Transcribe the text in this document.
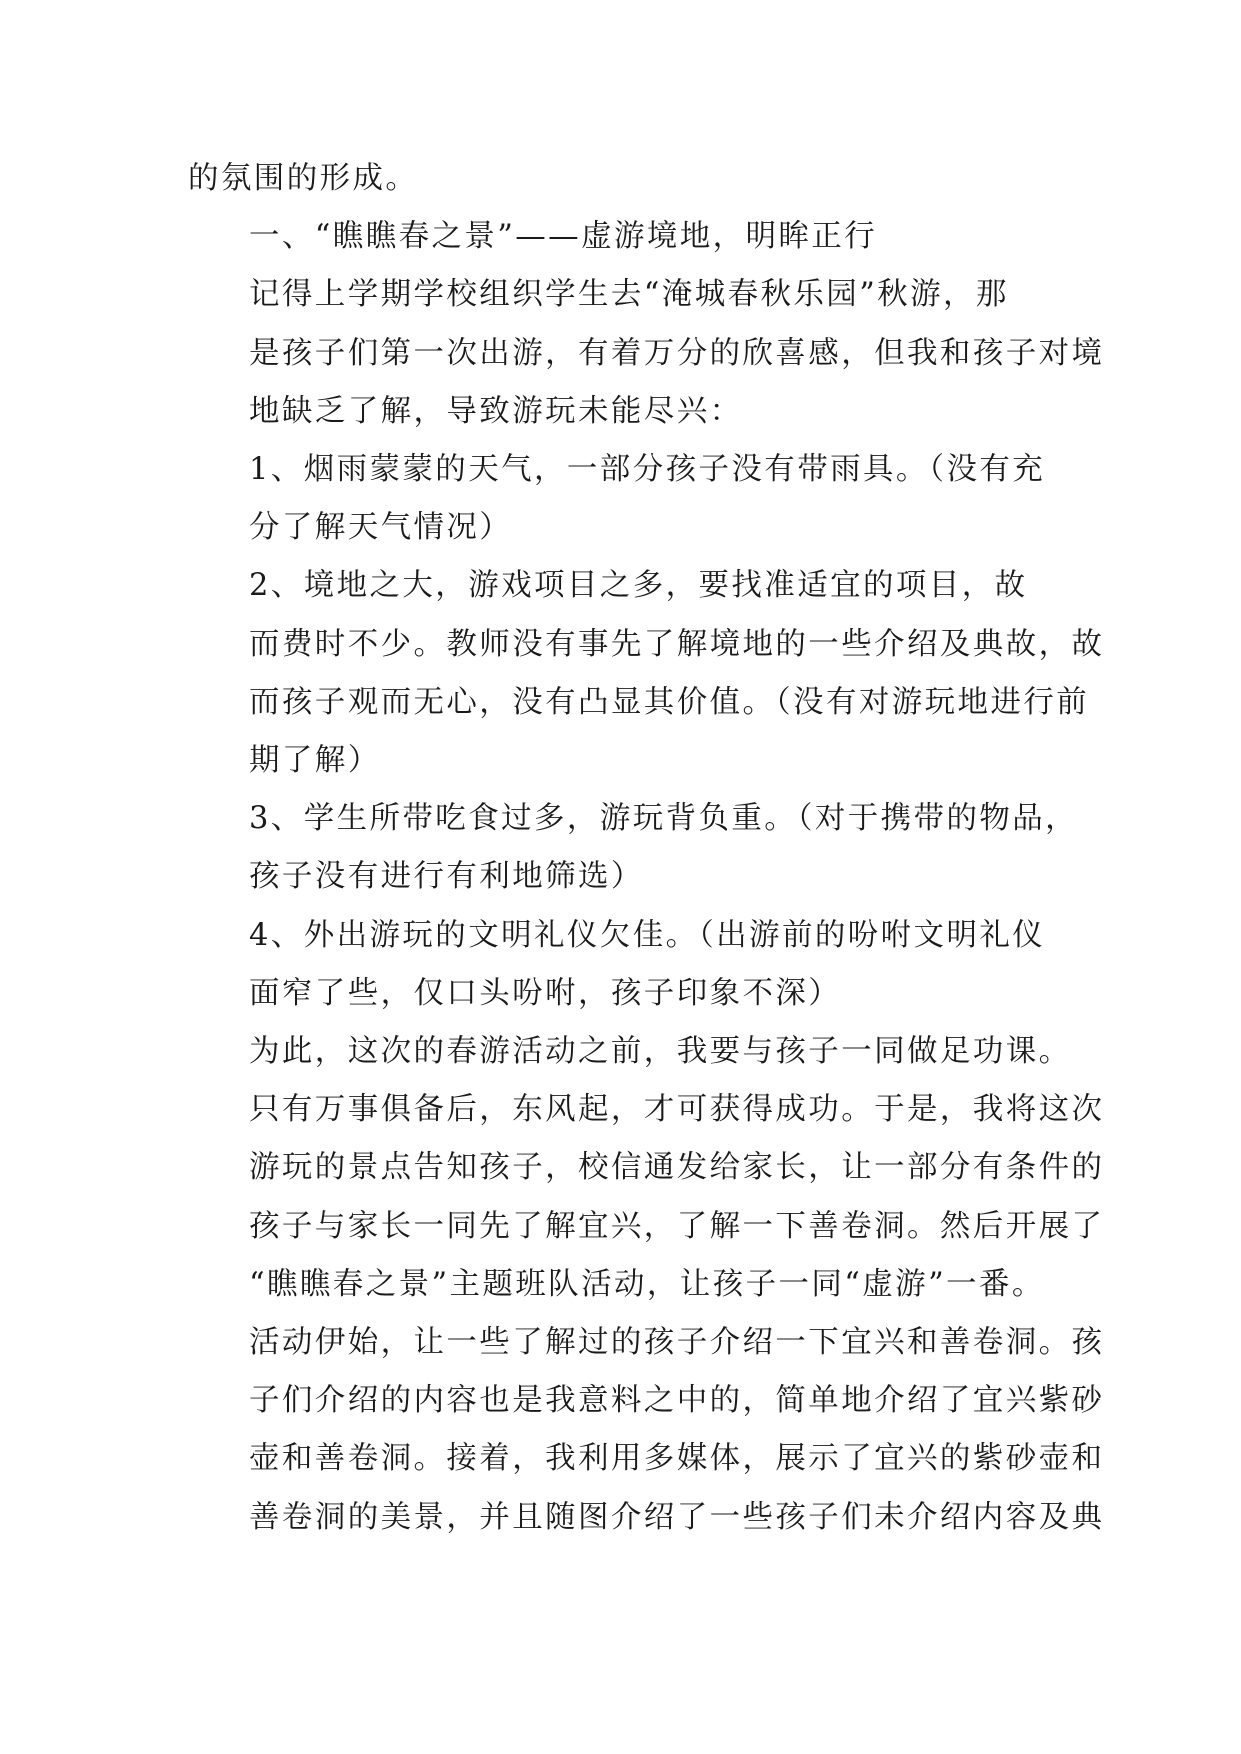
的氛围的形成。

一、“瞧瞧春之景”——虚游境地，明眸正行

记得上学期学校组织学生去“淹城春秋乐园”秋游，那
是孩子们第一次出游，有着万分的欣喜感，但我和孩子对境
地缺乏了解，导致游玩未能尽兴：

1、烟雨蒙蒙的天气，一部分孩子没有带雨具。（没有充
分了解天气情况）

2、境地之大，游戏项目之多，要找准适宜的项目，故
而费时不少。教师没有事先了解境地的一些介绍及典故，故
而孩子观而无心，没有凸显其价值。（没有对游玩地进行前
期了解）

3、学生所带吃食过多，游玩背负重。（对于携带的物品，
孩子没有进行有利地筛选）

4、外出游玩的文明礼仪欠佳。（出游前的吩咐文明礼仪
面窄了些，仅口头吩咐，孩子印象不深）

为此，这次的春游活动之前，我要与孩子一同做足功课。
只有万事俱备后，东风起，才可获得成功。于是，我将这次
游玩的景点告知孩子，校信通发给家长，让一部分有条件的
孩子与家长一同先了解宜兴，了解一下善卷洞。然后开展了
“瞧瞧春之景”主题班队活动，让孩子一同“虚游”一番。
活动伊始，让一些了解过的孩子介绍一下宜兴和善卷洞。孩
子们介绍的内容也是我意料之中的，简单地介绍了宜兴紫砂
壶和善卷洞。接着，我利用多媒体，展示了宜兴的紫砂壶和
善卷洞的美景，并且随图介绍了一些孩子们未介绍内容及典
